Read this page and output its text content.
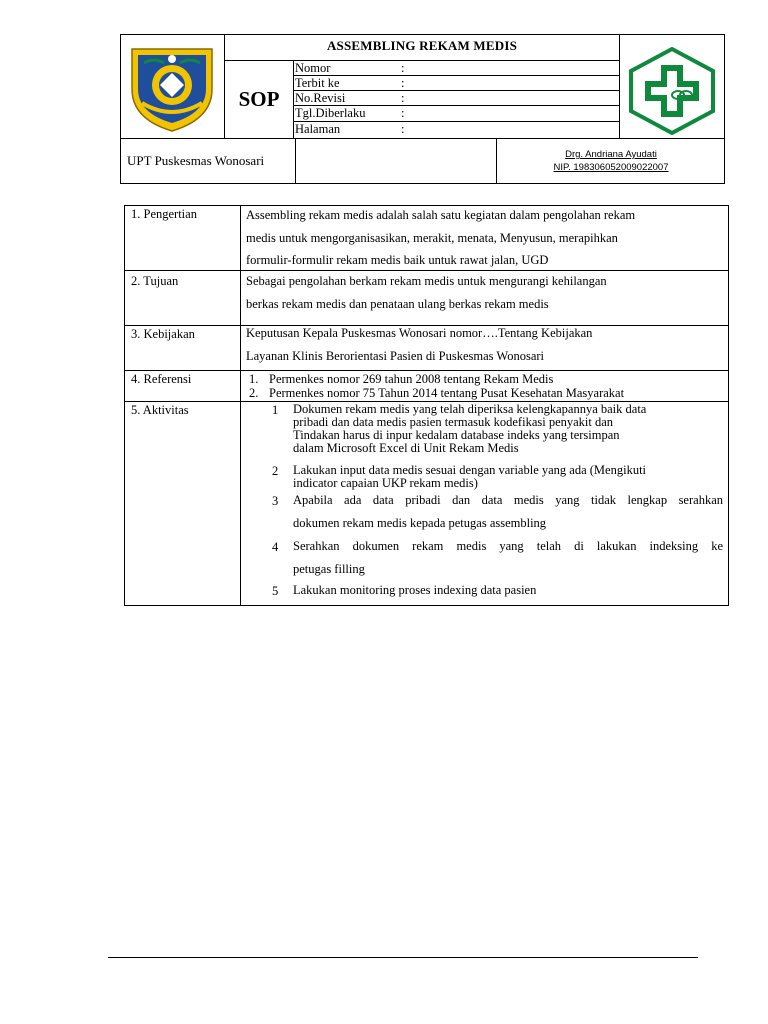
ASSEMBLING REKAM MEDIS
SOP
Nomor	:
Terbit ke	:
No.Revisi	:
Tgl.Diberlaku	:
Halaman	:
UPT Puskesmas Wonosari	Drg. Andriana Ayudati
NIP. 198306052009022007
1. Pengertian	Assembling rekam medis adalah salah satu kegiatan dalam pengolahan rekam
medis untuk mengorganisasikan, merakit, menata, Menyusun, merapihkan
formulir-formulir rekam medis baik untuk rawat jalan, UGD
2. Tujuan	Sebagai pengolahan berkam rekam medis untuk mengurangi kehilangan
berkas rekam medis dan penataan ulang berkas rekam medis
3. Kebijakan	Keputusan Kepala Puskesmas Wonosari nomor….Tentang Kebijakan
Layanan Klinis Berorientasi Pasien di Puskesmas Wonosari
4. Referensi	1. Permenkes nomor 269 tahun 2008 tentang Rekam Medis
2. Permenkes nomor 75 Tahun 2014 tentang Pusat Kesehatan Masyarakat
5. Aktivitas	1 Dokumen rekam medis yang telah diperiksa kelengkapannya baik data
pribadi dan data medis pasien termasuk kodefikasi penyakit dan
Tindakan harus di inpur kedalam database indeks yang tersimpan
dalam Microsoft Excel di Unit Rekam Medis
2 Lakukan input data medis sesuai dengan variable yang ada (Mengikuti
indicator capaian UKP rekam medis)
3 Apabila ada data pribadi dan data medis yang tidak lengkap serahkan
dokumen rekam medis kepada petugas assembling
4 Serahkan dokumen rekam medis yang telah di lakukan indeksing ke
petugas filling
5 Lakukan monitoring proses indexing data pasien
